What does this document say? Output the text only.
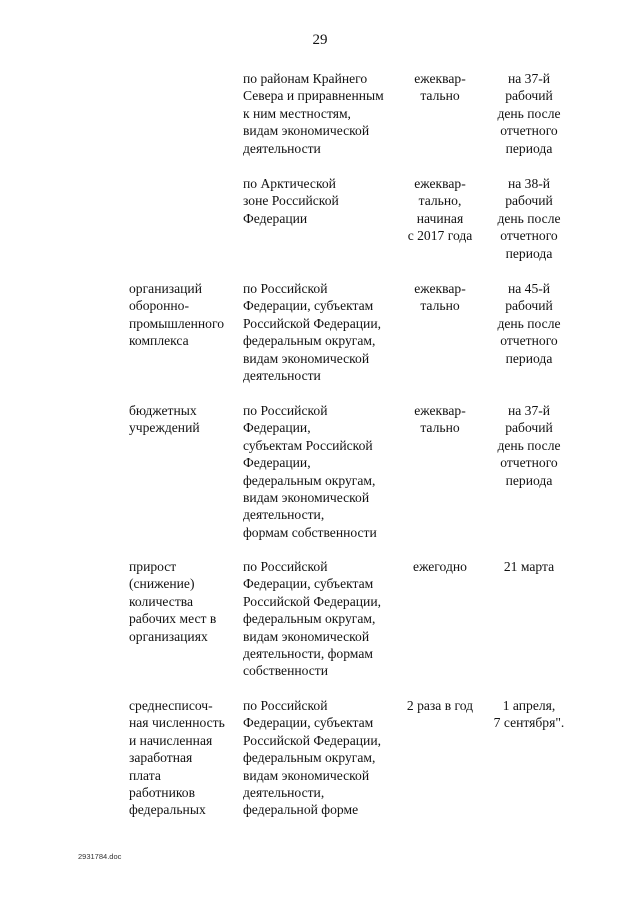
29
по районам Крайнего
Севера и приравненным
к ним местностям,
видам экономической
деятельности
ежеквар-
тально
на 37-й
рабочий
день после
отчетного
периода
по Арктической
зоне Российской
Федерации
ежеквар-
тально,
начиная
с 2017 года
на 38-й
рабочий
день после
отчетного
периода
организаций
оборонно-
промышленного
комплекса
по Российской
Федерации, субъектам
Российской Федерации,
федеральным округам,
видам экономической
деятельности
ежеквар-
тально
на 45-й
рабочий
день после
отчетного
периода
бюджетных
учреждений
по Российской
Федерации,
субъектам Российской
Федерации,
федеральным округам,
видам экономической
деятельности,
формам собственности
ежеквар-
тально
на 37-й
рабочий
день после
отчетного
периода
прирост
(снижение)
количества
рабочих мест в
организациях
по Российской
Федерации, субъектам
Российской Федерации,
федеральным округам,
видам экономической
деятельности, формам
собственности
ежегодно	21 марта
среднесписоч-
ная численность
и начисленная
заработная
плата
работников
федеральных
по Российской
Федерации, субъектам
Российской Федерации,
федеральным округам,
видам экономической
деятельности,
федеральной форме
2 раза в год	1 апреля,
7 сентября".
2931784.doc
